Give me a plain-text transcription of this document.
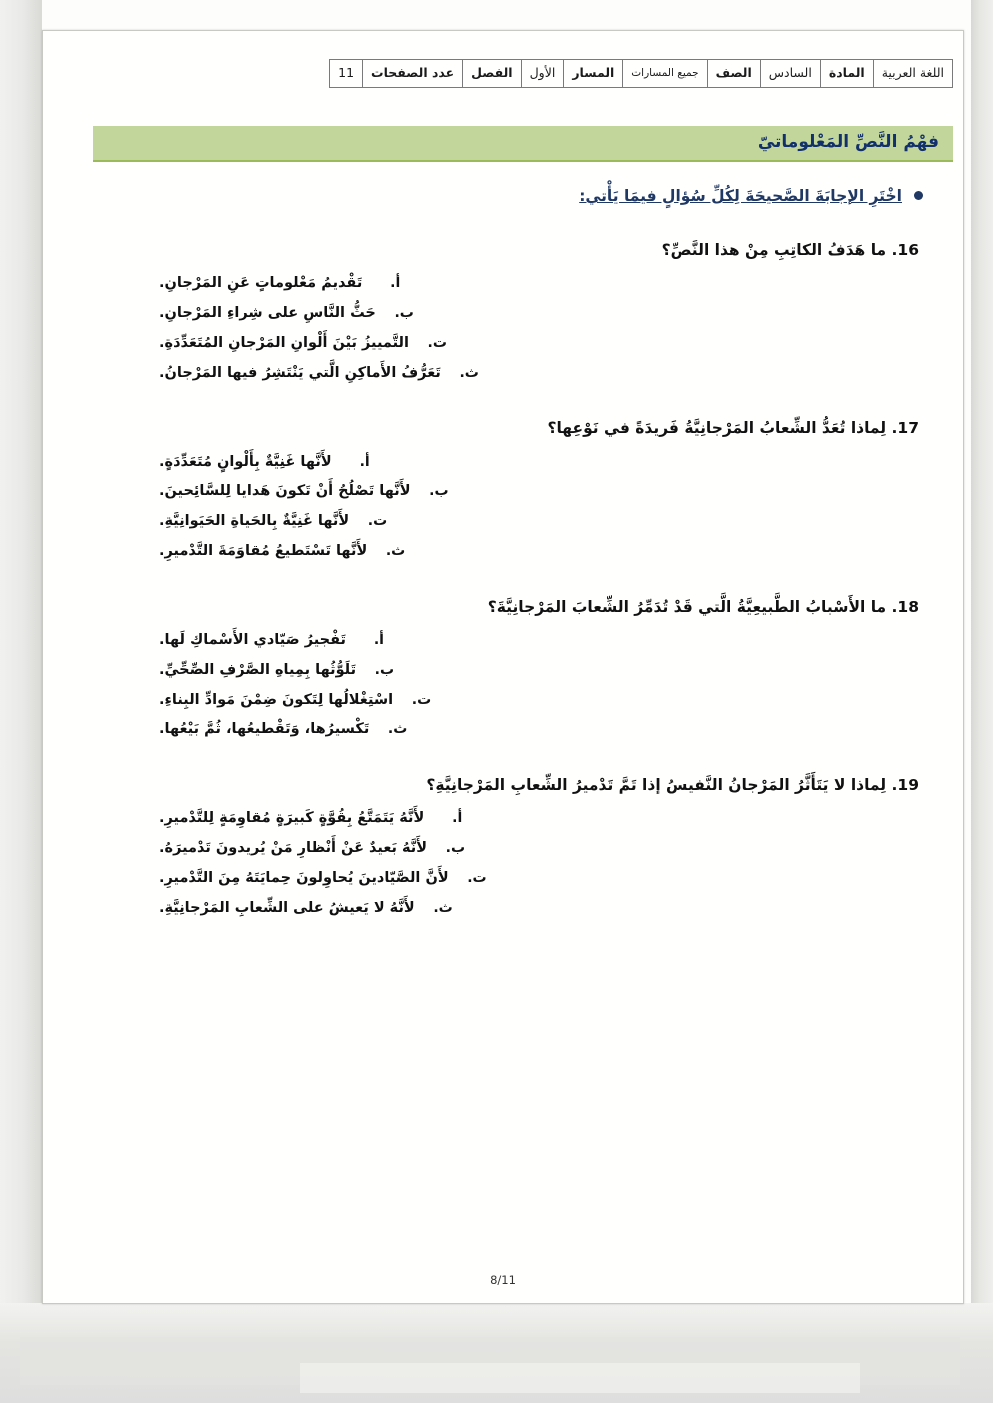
اللغة العربية	المادة	السادس	الصف	جميع المسارات	المسار	الأول	الفصل	عدد الصفحات	11
فهْمُ النَّصِّ المَعْلوماتيّ
اخْتَرِ الإجابَةَ الصَّحيحَةَ لِكُلِّ سُؤالٍ فيمَا يَأْتي:
16. ما هَدَفُ الكاتِبِ مِنْ هذا النَّصِّ؟
أ.
تَقْديمُ مَعْلوماتٍ عَنِ المَرْجانِ.
ب.
حَثُّ النَّاسِ على شِراءِ المَرْجانِ.
ت.
التَّمييزُ بَيْنَ أَلْوانِ المَرْجانِ المُتَعَدِّدَةِ.
ث.
تَعَرُّفُ الأَماكِنِ الَّتي يَنْتَشِرُ فيها المَرْجانُ.
17. لِماذا تُعَدُّ الشِّعابُ المَرْجانِيَّةُ فَريدَةً في نَوْعِها؟
أ.
لأَنَّها غَنِيَّةٌ بِأَلْوانٍ مُتَعَدِّدَةٍ.
ب.
لأَنَّها تَصْلُحُ أَنْ تَكونَ هَدايا لِلسَّائِحينَ.
ت.
لأَنَّها غَنِيَّةٌ بِالحَياةِ الحَيَوانِيَّةِ.
ث.
لأَنَّها تَسْتَطيعُ مُقاوَمَةَ التَّدْميرِ.
18. ما الأَسْبابُ الطَّبيعِيَّةُ الَّتي قَدْ تُدَمِّرُ الشِّعابَ المَرْجانِيَّةَ؟
أ.
تَفْجيرُ صَيّادي الأَسْماكِ لَها.
ب.
تَلَوُّثُها بِمِياهِ الصَّرْفِ الصِّحِّيِّ.
ت.
اسْتِغْلالُها لِتَكونَ ضِمْنَ مَوادِّ البِناءِ.
ث.
تَكْسيرُها، وَتَقْطيعُها، ثُمَّ بَيْعُها.
19. لِماذا لا يَتَأَثَّرُ المَرْجانُ النَّفيسُ إذا تَمَّ تَدْميرُ الشِّعابِ المَرْجانِيَّةِ؟
أ.
لأَنَّهُ يَتَمَتَّعُ بِقُوَّةٍ كَبيرَةٍ مُقاوِمَةٍ لِلتَّدْميرِ.
ب.
لأَنَّهُ بَعيدٌ عَنْ أَنْظارِ مَنْ يُريدونَ تَدْميرَهُ.
ت.
لأَنَّ الصَّيّادينَ يُحاوِلونَ حِمايَتَهُ مِنَ التَّدْميرِ.
ث.
لأَنَّهُ لا يَعيشُ على الشِّعابِ المَرْجانِيَّةِ.
8/11
